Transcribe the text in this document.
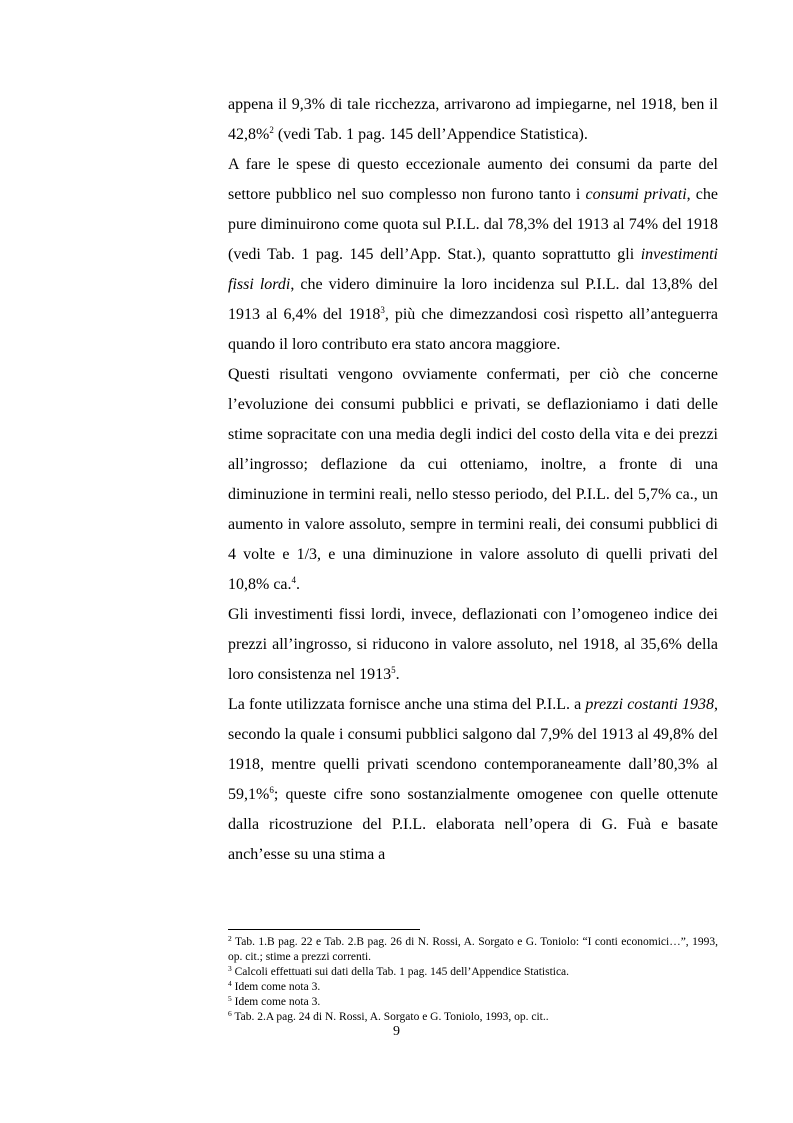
appena il 9,3% di tale ricchezza, arrivarono ad impiegarne, nel 1918, ben il 42,8%$^2$ (vedi Tab. 1 pag. 145 dell’Appendice Statistica).

A fare le spese di questo eccezionale aumento dei consumi da parte del settore pubblico nel suo complesso non furono tanto i consumi privati, che pure diminuirono come quota sul P.I.L. dal 78,3% del 1913 al 74% del 1918 (vedi Tab. 1 pag. 145 dell’App. Stat.), quanto soprattutto gli investimenti fissi lordi, che videro diminuire la loro incidenza sul P.I.L. dal 13,8% del 1913 al 6,4% del 1918$^3$, più che dimezzandosi così rispetto all’anteguerra quando il loro contributo era stato ancora maggiore.

Questi risultati vengono ovviamente confermati, per ciò che concerne l’evoluzione dei consumi pubblici e privati, se deflazioniamo i dati delle stime sopracitate con una media degli indici del costo della vita e dei prezzi all’ingrosso; deflazione da cui otteniamo, inoltre, a fronte di una diminuzione in termini reali, nello stesso periodo, del P.I.L. del 5,7% ca., un aumento in valore assoluto, sempre in termini reali, dei consumi pubblici di 4 volte e 1/3, e una diminuzione in valore assoluto di quelli privati del 10,8% ca.$^4$.

Gli investimenti fissi lordi, invece, deflazionati con l’omogeneo indice dei prezzi all’ingrosso, si riducono in valore assoluto, nel 1918, al 35,6% della loro consistenza nel 1913$^5$.

La fonte utilizzata fornisce anche una stima del P.I.L. a prezzi costanti 1938, secondo la quale i consumi pubblici salgono dal 7,9% del 1913 al 49,8% del 1918, mentre quelli privati scendono contemporaneamente dall’80,3% al 59,1%$^6$; queste cifre sono sostanzialmente omogenee con quelle ottenute dalla ricostruzione del P.I.L. elaborata nell’opera di G. Fuà e basate anch’esse su una stima a

$^2$ Tab. 1.B pag. 22 e Tab. 2.B pag. 26 di N. Rossi, A. Sorgato e G. Toniolo: “I conti economici…”, 1993, op. cit.; stime a prezzi correnti.

$^3$ Calcoli effettuati sui dati della Tab. 1 pag. 145 dell’Appendice Statistica.

$^4$ Idem come nota 3.

$^5$ Idem come nota 3.

$^6$ Tab. 2.A pag. 24 di N. Rossi, A. Sorgato e G. Toniolo, 1993, op. cit..

9
